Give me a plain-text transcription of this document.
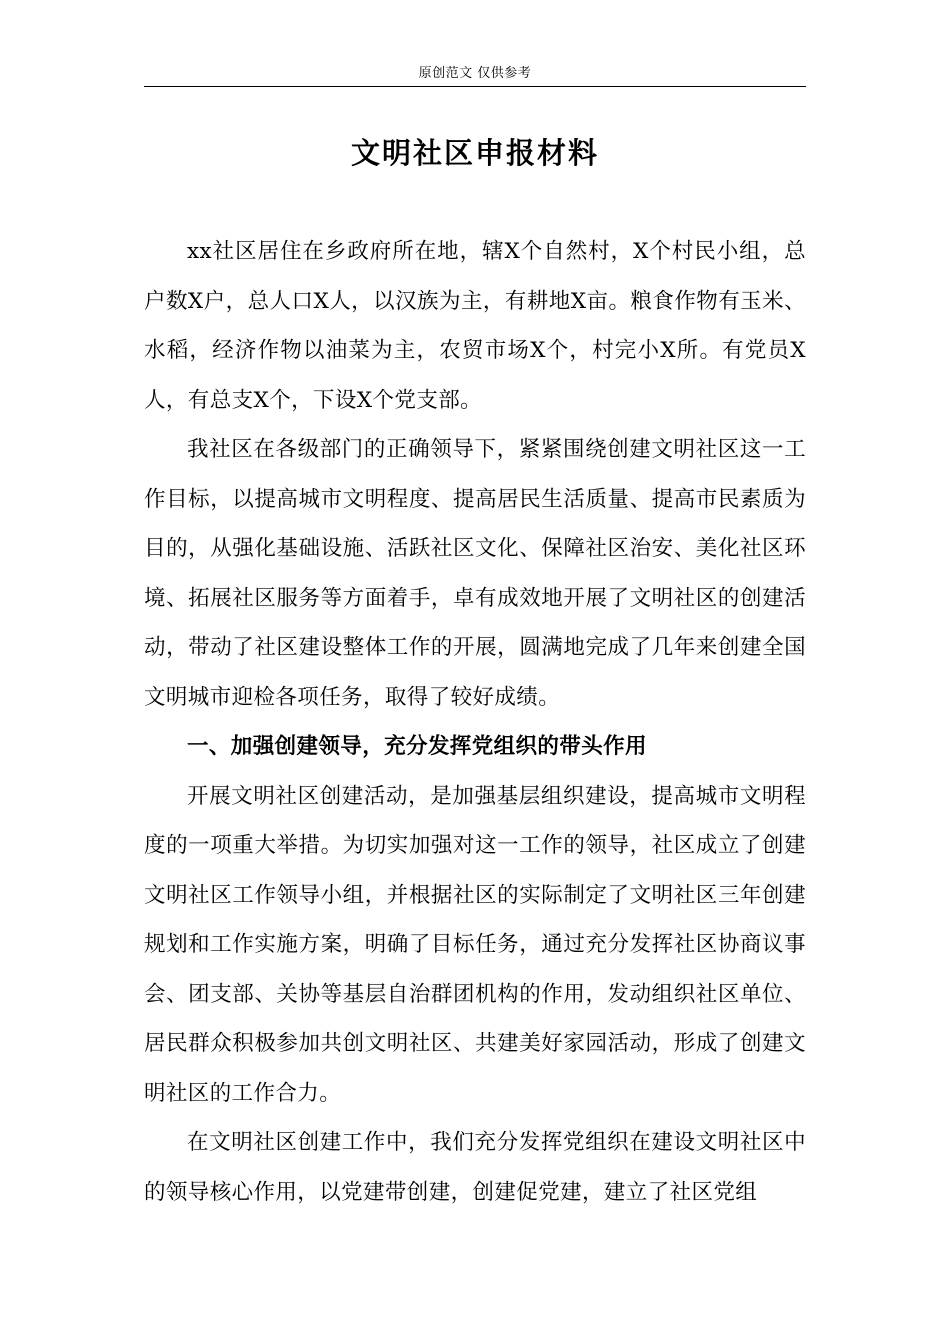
原创范文 仅供参考
文明社区申报材料

xx社区居住在乡政府所在地，辖X个自然村，X个村民小组，总户数X户，总人口X人，以汉族为主，有耕地X亩。粮食作物有玉米、水稻，经济作物以油菜为主，农贸市场X个，村完小X所。有党员X人，有总支X个，下设X个党支部。

我社区在各级部门的正确领导下，紧紧围绕创建文明社区这一工作目标，以提高城市文明程度、提高居民生活质量、提高市民素质为目的，从强化基础设施、活跃社区文化、保障社区治安、美化社区环境、拓展社区服务等方面着手，卓有成效地开展了文明社区的创建活动，带动了社区建设整体工作的开展，圆满地完成了几年来创建全国文明城市迎检各项任务，取得了较好成绩。

一、加强创建领导，充分发挥党组织的带头作用

开展文明社区创建活动，是加强基层组织建设，提高城市文明程度的一项重大举措。为切实加强对这一工作的领导，社区成立了创建文明社区工作领导小组，并根据社区的实际制定了文明社区三年创建规划和工作实施方案，明确了目标任务，通过充分发挥社区协商议事会、团支部、关协等基层自治群团机构的作用，发动组织社区单位、居民群众积极参加共创文明社区、共建美好家园活动，形成了创建文明社区的工作合力。

在文明社区创建工作中，我们充分发挥党组织在建设文明社区中的领导核心作用，以党建带创建，创建促党建，建立了社区党组
